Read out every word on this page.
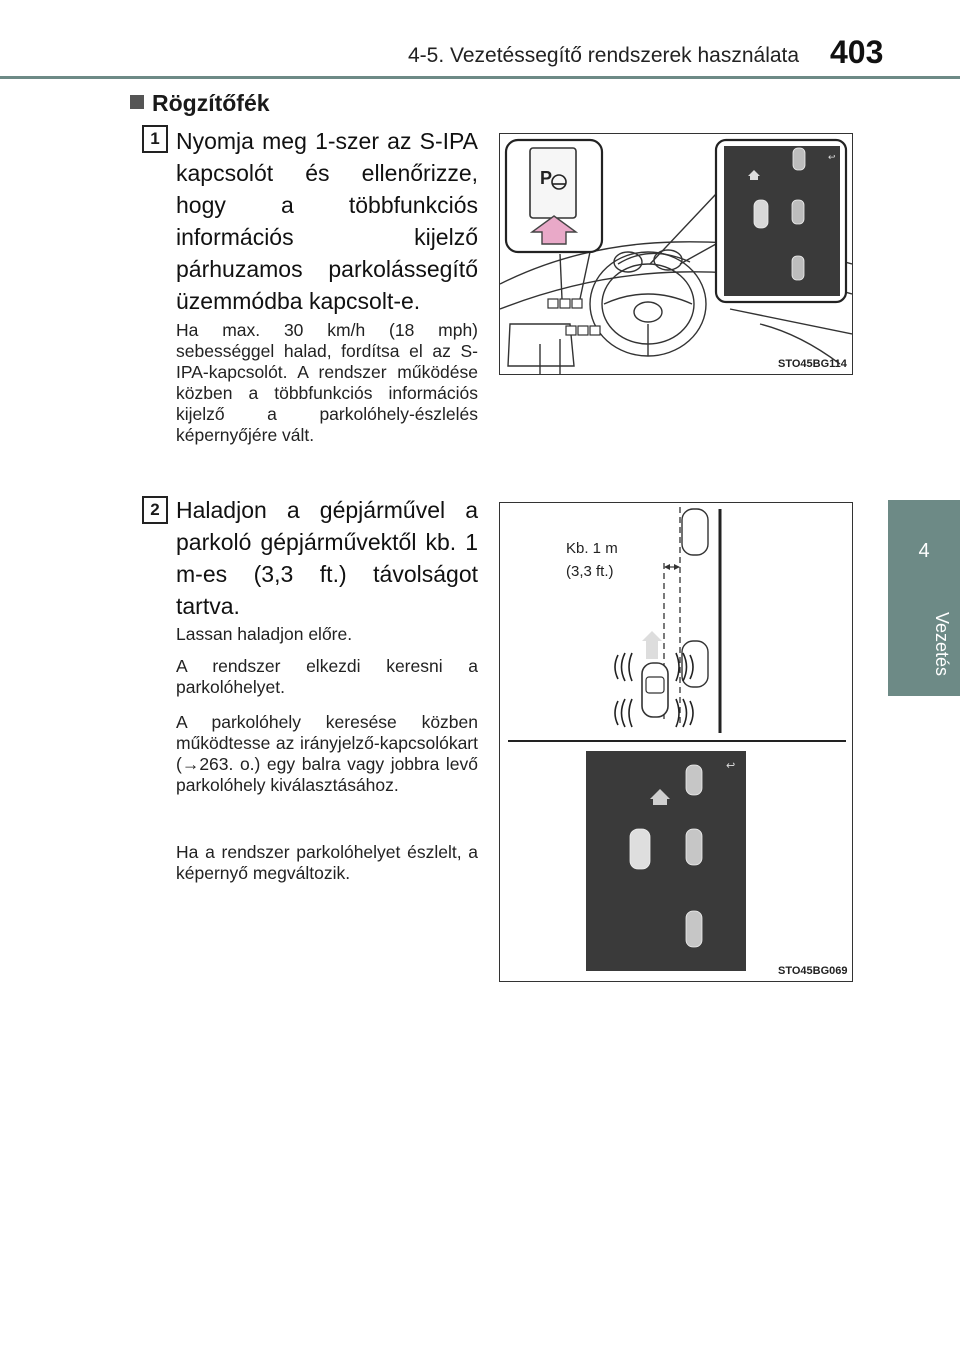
4-5. Vezetéssegítő rendszerek használata 403
4
Vezetés
Rögzítőfék
1 Nyomja meg 1-szer az S-IPA kapcsolót és ellenőrizze, hogy a többfunkciós információs kijelző párhuzamos parkolássegítő üzemmódba kapcsolt-e.
Ha max. 30 km/h (18 mph) sebességgel halad, fordítsa el az S-IPA-kapcsolót. A rendszer működése közben a többfunkciós információs kijelző a parkolóhely-észlelés képernyőjére vált.
2 Haladjon a gépjárművel a parkoló gépjárművektől kb. 1 m-es (3,3 ft.) távolságot tartva.
Lassan haladjon előre.
A rendszer elkezdi keresni a parkolóhelyet.
A parkolóhely keresése közben működtesse az irányjelző-kapcsolókart (→263. o.) egy balra vagy jobbra levő parkolóhely kiválasztásához.
Ha a rendszer parkolóhelyet észlelt, a képernyő megváltozik.
P
↩
STO45BG114
↩
Kb. 1 m
(3,3 ft.)
STO45BG069
